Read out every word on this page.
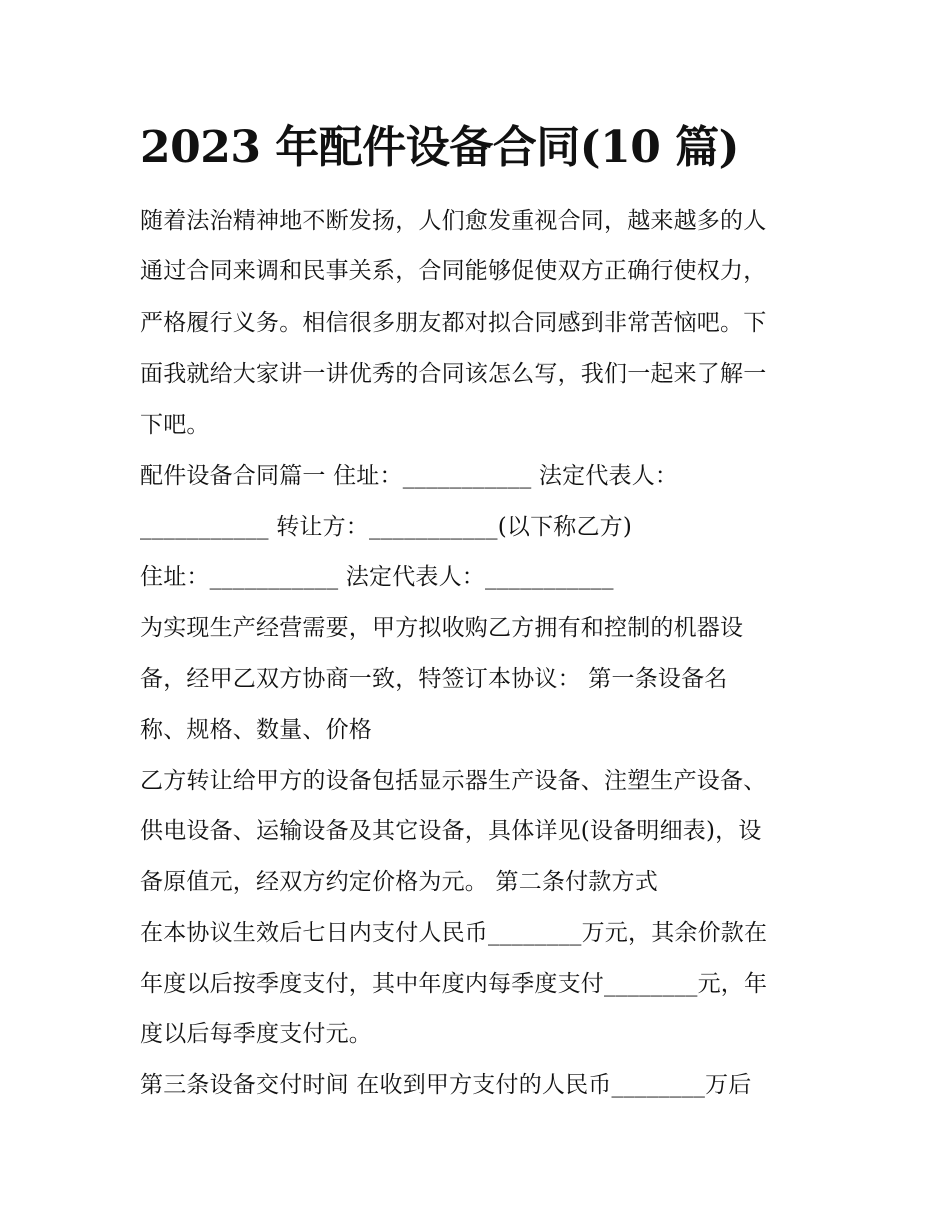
2023 年配件设备合同(10 篇)
随着法治精神地不断发扬，人们愈发重视合同，越来越多的人
通过合同来调和民事关系，合同能够促使双方正确行使权力，
严格履行义务。相信很多朋友都对拟合同感到非常苦恼吧。下
面我就给大家讲一讲优秀的合同该怎么写，我们一起来了解一
下吧。
配件设备合同篇一 住址：___________ 法定代表人：
___________ 转让方：___________(以下称乙方)
住址：___________ 法定代表人：___________
为实现生产经营需要，甲方拟收购乙方拥有和控制的机器设
备，经甲乙双方协商一致，特签订本协议： 第一条设备名
称、规格、数量、价格
乙方转让给甲方的设备包括显示器生产设备、注塑生产设备、
供电设备、运输设备及其它设备，具体详见(设备明细表)，设
备原值元，经双方约定价格为元。 第二条付款方式
在本协议生效后七日内支付人民币________万元，其余价款在
年度以后按季度支付，其中年度内每季度支付________元，年
度以后每季度支付元。
第三条设备交付时间 在收到甲方支付的人民币________万后
